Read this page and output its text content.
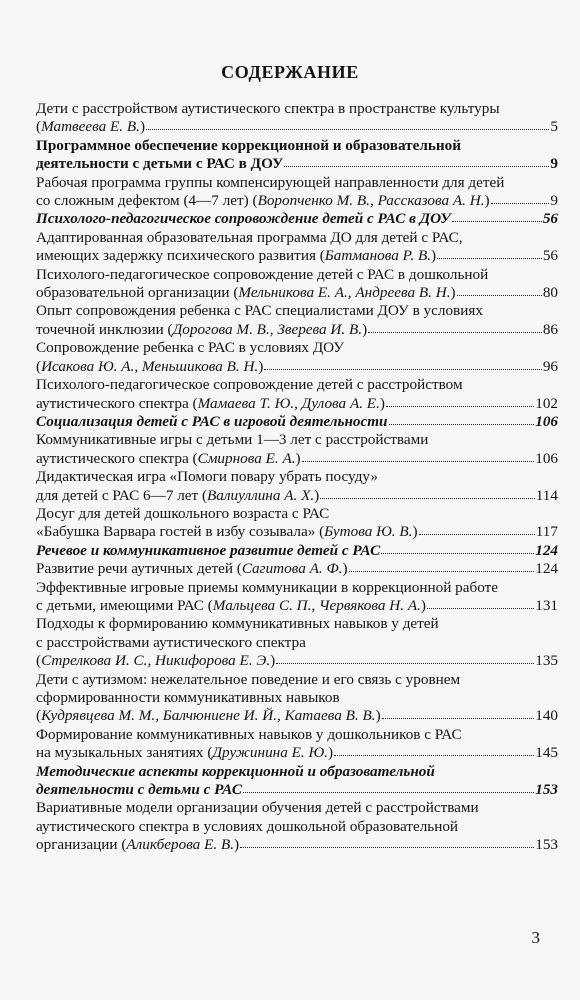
СОДЕРЖАНИЕ
Дети с расстройством аутистического спектра в пространстве культуры
(Матвеева Е. В.)	5
Программное обеспечение коррекционной и образовательной
деятельности с детьми с РАС в ДОУ	9
Рабочая программа группы компенсирующей направленности для детей
со сложным дефектом (4—7 лет) (Ворonченко М. В., Рассказова А. Н.)	9
Психолого-педагогическое сопровождение детей с РАС в ДОУ	56
Адаптированная образовательная программа ДО для детей с РАС,
имеющих задержку психического развития (Батманова Р. В.)	56
Психолого-педагогическое сопровождение детей с РАС в дошкольной
образовательной организации (Мельникова Е. А., Андреева В. Н.)	80
Опыт сопровождения ребенка с РАС специалистами ДОУ в условиях
точечной инклюзии (Дорогова М. В., Зверева И. В.)	86
Сопровождение ребенка с РАС в условиях ДОУ
(Исакова Ю. А., Меньшикова В. Н.)	96
Психолого-педагогическое сопровождение детей с расстройством
аутистического спектра (Мамаева Т. Ю., Дулова А. Е.)	102
Социализация детей с РАС в игровой деятельности	106
Коммуникативные игры с детьми 1—3 лет с расстройствами
аутистического спектра (Смирнова Е. А.)	106
Дидактическая игра «Помоги повару убрать посуду»
для детей с РАС 6—7 лет (Валиуллина А. Х.)	114
Досуг для детей дошкольного возраста с РАС
«Бабушка Варвара гостей в избу созывала» (Бутова Ю. В.)	117
Речевое и коммуникативное развитие детей с РАС	124
Развитие речи аутичных детей (Сагитова А. Ф.)	124
Эффективные игровые приемы коммуникации в коррекционной работе
с детьми, имеющими РАС (Мальцева С. П., Червякова Н. А.)	131
Подходы к формированию коммуникативных навыков у детей
с расстройствами аутистического спектра
(Стрелкова И. С., Никифорова Е. Э.)	135
Дети с аутизмом: нежелательное поведение и его связь с уровнем
сформированности коммуникативных навыков
(Кудрявцева М. М., Балчюниене И. Й., Катаева В. В.)	140
Формирование коммуникативных навыков у дошкольников с РАС
на музыкальных занятиях (Дружинина Е. Ю.)	145
Методические аспекты коррекционной и образовательной
деятельности с детьми с РАС	153
Вариативные модели организации обучения детей с расстройствами
аутистического спектра в условиях дошкольной образовательной
организации (Аликберова Е. В.)	153
3
